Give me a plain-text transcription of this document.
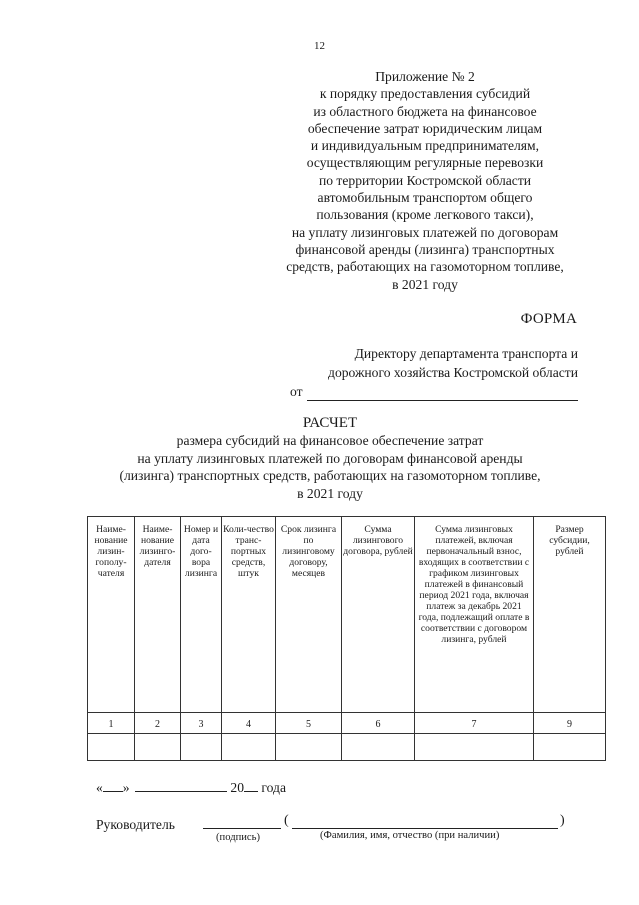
12
Приложение № 2
к порядку предоставления субсидий
из областного бюджета на финансовое
обеспечение затрат юридическим лицам
и индивидуальным предпринимателям,
осуществляющим регулярные перевозки
по территории Костромской области
автомобильным транспортом общего
пользования (кроме легкового такси),
на уплату лизинговых платежей по договорам
финансовой аренды (лизинга) транспортных
средств, работающих на газомоторном топливе,
в 2021 году
ФОРМА
Директору департамента транспорта и
дорожного хозяйства Костромской области
от
РАСЧЕТ
размера субсидий на финансовое обеспечение затрат
на уплату лизинговых платежей по договорам финансовой аренды
(лизинга) транспортных средств, работающих на газомоторном топливе,
в 2021 году
Наиме-нование лизин-гополу-чателя	Наиме-нование лизинго-дателя	Номер и дата дого-вора лизинга	Коли-чество транс-портных средств, штук	Срок лизинга по лизинговому договору, месяцев	Сумма лизингового договора, рублей	Сумма лизинговых платежей, включая первоначальный взнос, входящих в соответствии с графиком лизинговых платежей в финансовый период 2021 года, включая платеж за декабрь 2021 года, подлежащий оплате в соответствии с договором лизинга, рублей	Размер субсидии, рублей
1	2	3	4	5	6	7	9

« »	20 года
Руководитель	(	)
(подпись)	(Фамилия, имя, отчество (при наличии)
